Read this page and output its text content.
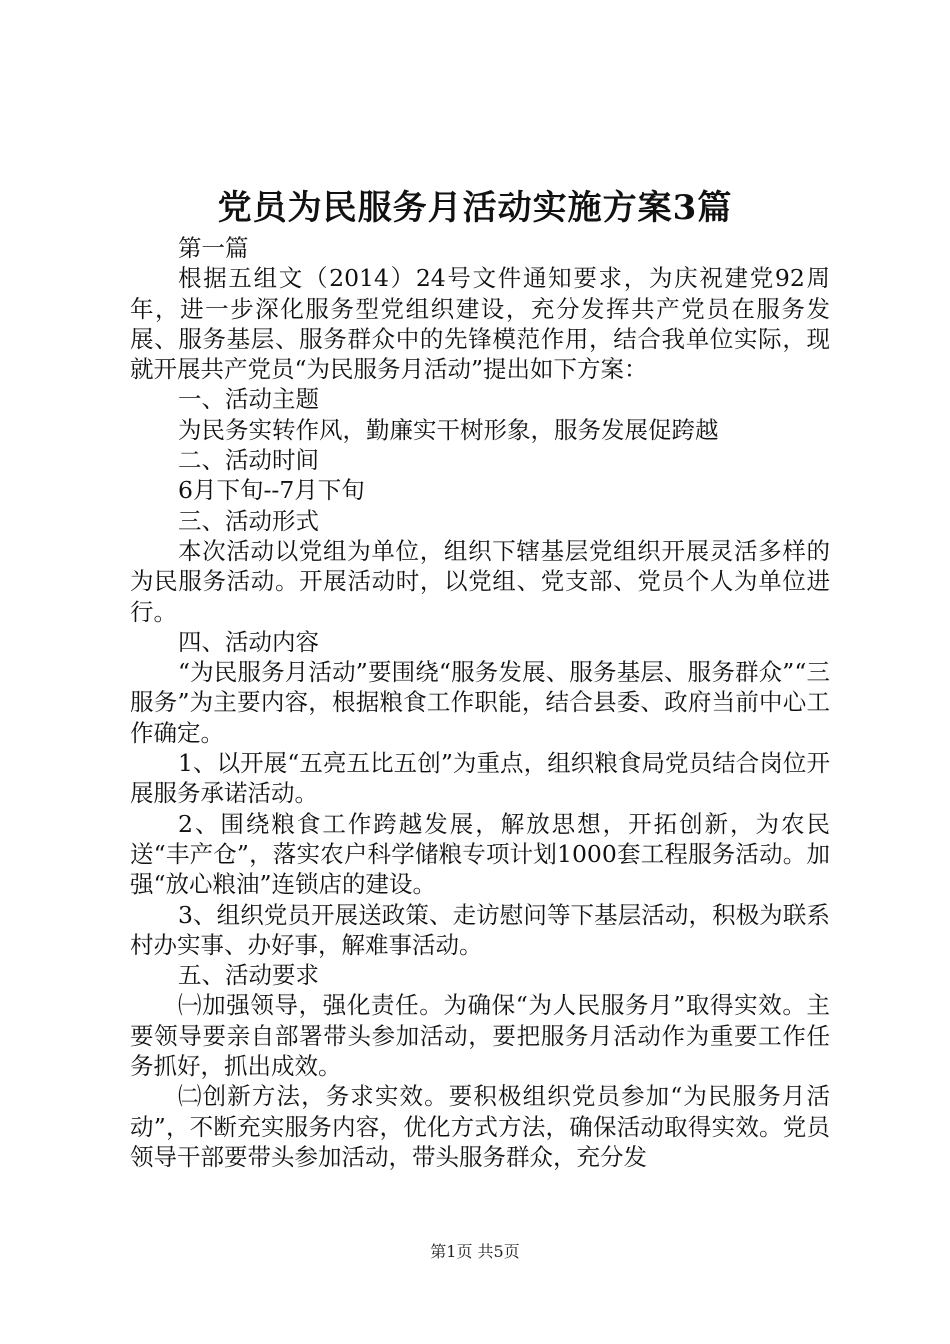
党员为民服务月活动实施方案3篇

第一篇

根据五组文（2014）24号文件通知要求，为庆祝建党92周年，进一步深化服务型党组织建设，充分发挥共产党员在服务发展、服务基层、服务群众中的先锋模范作用，结合我单位实际，现就开展共产党员“为民服务月活动”提出如下方案：

一、活动主题

为民务实转作风，勤廉实干树形象，服务发展促跨越

二、活动时间

6月下旬--7月下旬

三、活动形式

本次活动以党组为单位，组织下辖基层党组织开展灵活多样的为民服务活动。开展活动时，以党组、党支部、党员个人为单位进行。

四、活动内容

“为民服务月活动”要围绕“服务发展、服务基层、服务群众”“三服务”为主要内容，根据粮食工作职能，结合县委、政府当前中心工作确定。

1、以开展“五亮五比五创”为重点，组织粮食局党员结合岗位开展服务承诺活动。

2、围绕粮食工作跨越发展，解放思想，开拓创新，为农民送“丰产仓”，落实农户科学储粮专项计划1000套工程服务活动。加强“放心粮油”连锁店的建设。

3、组织党员开展送政策、走访慰问等下基层活动，积极为联系村办实事、办好事，解难事活动。

五、活动要求

㈠加强领导，强化责任。为确保“为人民服务月”取得实效。主要领导要亲自部署带头参加活动，要把服务月活动作为重要工作任务抓好，抓出成效。

㈡创新方法，务求实效。要积极组织党员参加“为民服务月活动”，不断充实服务内容，优化方式方法，确保活动取得实效。党员领导干部要带头参加活动，带头服务群众，充分发

第1页 共5页
